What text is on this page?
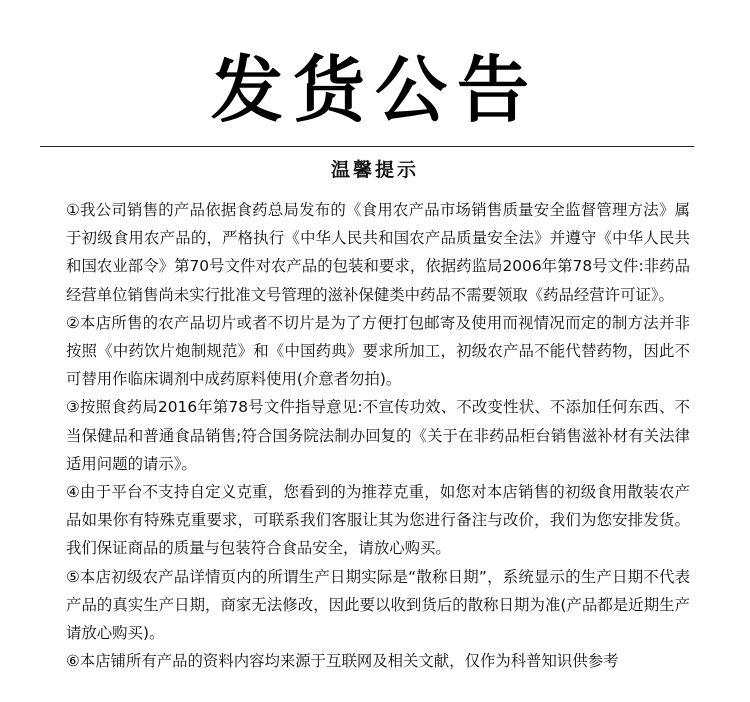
发货公告
温馨提示

①我公司销售的产品依据食药总局发布的《食用农产品市场销售质量安全监督管理方法》属于初级食用农产品的，严格执行《中华人民共和国农产品质量安全法》并遵守《中华人民共和国农业部令》第70号文件对农产品的包装和要求，依据药监局2006年第78号文件:非药品经营单位销售尚未实行批准文号管理的滋补保健类中药品不需要领取《药品经营许可证》。

②本店所售的农产品切片或者不切片是为了方便打包邮寄及使用而视情况而定的制方法并非按照《中药饮片炮制规范》和《中国药典》要求所加工，初级农产品不能代替药物，因此不可替用作临床调剂中成药原料使用(介意者勿拍)。

③按照食药局2016年第78号文件指导意见:不宣传功效、不改变性状、不添加任何东西、不当保健品和普通食品销售;符合国务院法制办回复的《关于在非药品柜台销售滋补材有关法律适用问题的请示》。

④由于平台不支持自定义克重，您看到的为推荐克重，如您对本店销售的初级食用散装农产品如果你有特殊克重要求，可联系我们客服让其为您进行备注与改价，我们为您安排发货。我们保证商品的质量与包装符合食品安全，请放心购买。

⑤本店初级农产品详情页内的所谓生产日期实际是“散称日期”，系统显示的生产日期不代表产品的真实生产日期，商家无法修改，因此要以收到货后的散称日期为准(产品都是近期生产请放心购买)。

⑥本店铺所有产品的资料内容均来源于互联网及相关文献，仅作为科普知识供参考
